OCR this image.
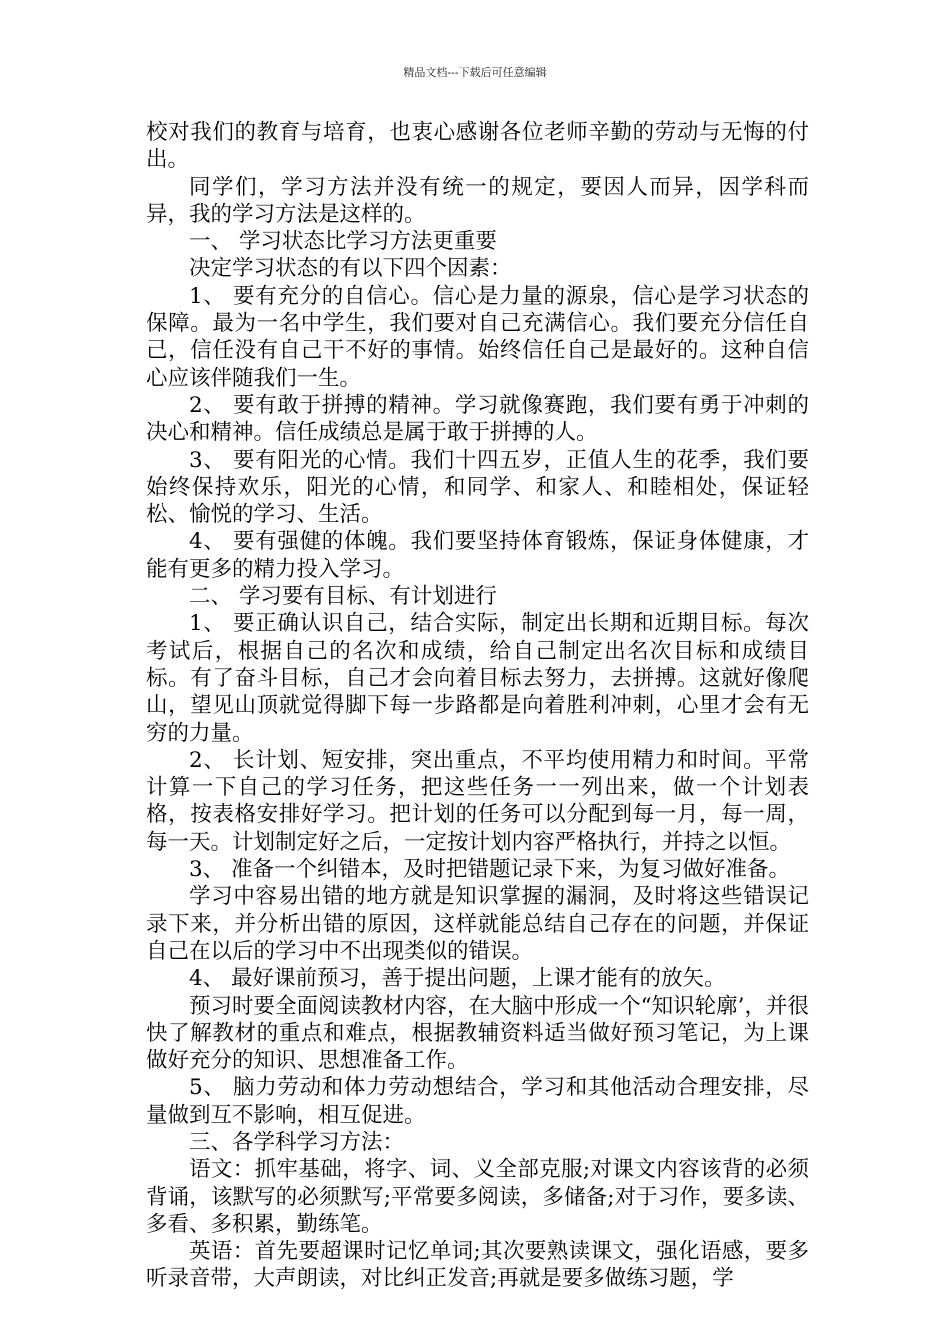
精品文档---下载后可任意编辑

校对我们的教育与培育，也衷心感谢各位老师辛勤的劳动与无悔的付出。

同学们，学习方法并没有统一的规定，要因人而异，因学科而异，我的学习方法是这样的。

一、 学习状态比学习方法更重要

决定学习状态的有以下四个因素：

1、 要有充分的自信心。信心是力量的源泉，信心是学习状态的保障。最为一名中学生，我们要对自己充满信心。我们要充分信任自己，信任没有自己干不好的事情。始终信任自己是最好的。这种自信心应该伴随我们一生。

2、 要有敢于拼搏的精神。学习就像赛跑，我们要有勇于冲刺的决心和精神。信任成绩总是属于敢于拼搏的人。

3、 要有阳光的心情。我们十四五岁，正值人生的花季，我们要始终保持欢乐，阳光的心情，和同学、和家人、和睦相处，保证轻松、愉悦的学习、生活。

4、 要有强健的体魄。我们要坚持体育锻炼，保证身体健康，才能有更多的精力投入学习。

二、 学习要有目标、有计划进行

1、 要正确认识自己，结合实际，制定出长期和近期目标。每次考试后，根据自己的名次和成绩，给自己制定出名次目标和成绩目标。有了奋斗目标，自己才会向着目标去努力，去拼搏。这就好像爬山，望见山顶就觉得脚下每一步路都是向着胜利冲刺，心里才会有无穷的力量。

2、 长计划、短安排，突出重点，不平均使用精力和时间。平常计算一下自己的学习任务，把这些任务一一列出来，做一个计划表格，按表格安排好学习。把计划的任务可以分配到每一月，每一周，每一天。计划制定好之后，一定按计划内容严格执行，并持之以恒。

3、 准备一个纠错本，及时把错题记录下来，为复习做好准备。

学习中容易出错的地方就是知识掌握的漏洞，及时将这些错误记录下来，并分析出错的原因，这样就能总结自己存在的问题，并保证自己在以后的学习中不出现类似的错误。

4、 最好课前预习，善于提出问题，上课才能有的放矢。

预习时要全面阅读教材内容，在大脑中形成一个“知识轮廓’，并很快了解教材的重点和难点，根据教辅资料适当做好预习笔记，为上课做好充分的知识、思想准备工作。

5、 脑力劳动和体力劳动想结合，学习和其他活动合理安排，尽量做到互不影响，相互促进。

三、各学科学习方法：

语文：抓牢基础，将字、词、义全部克服;对课文内容该背的必须背诵，该默写的必须默写;平常要多阅读，多储备;对于习作，要多读、多看、多积累，勤练笔。

英语：首先要超课时记忆单词;其次要熟读课文，强化语感，要多听录音带，大声朗读，对比纠正发音;再就是要多做练习题，学
